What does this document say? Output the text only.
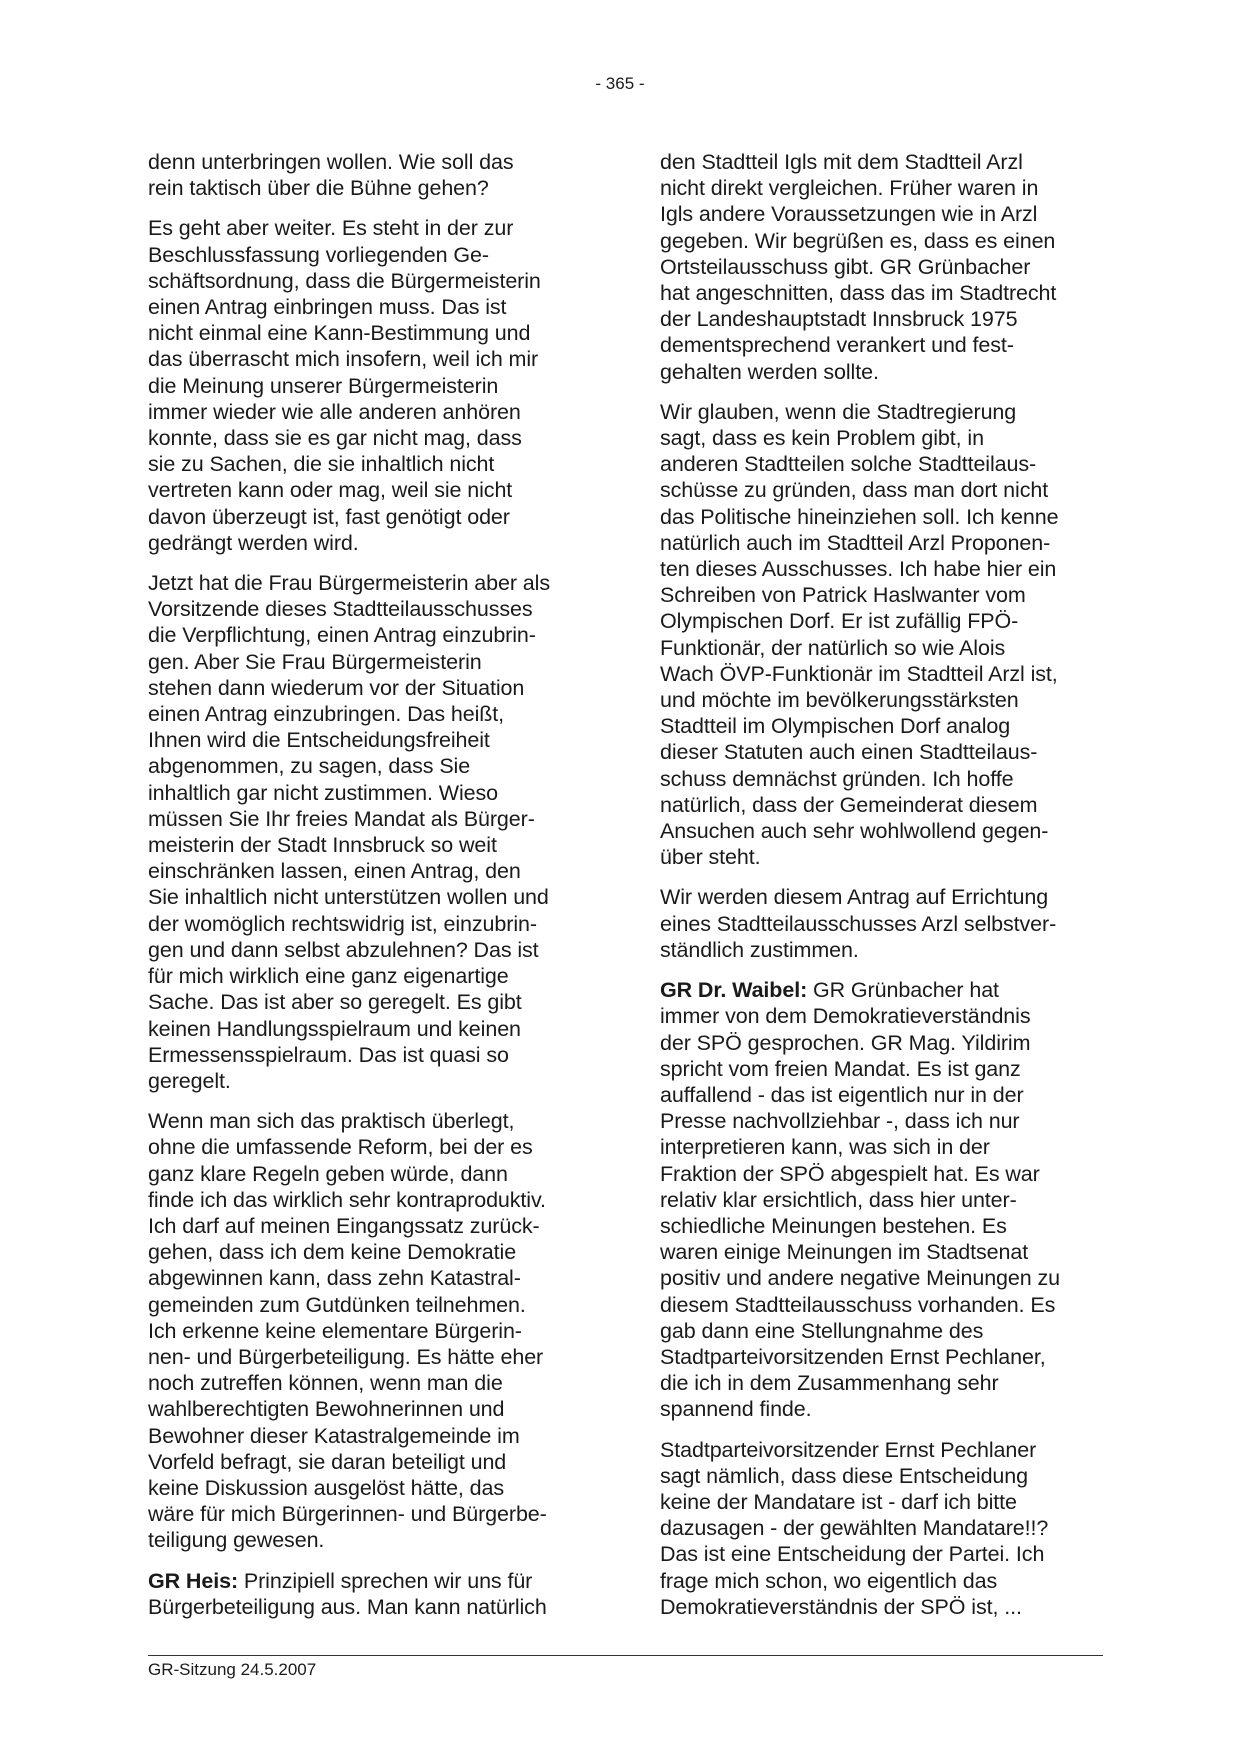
- 365 -

denn unterbringen wollen. Wie soll das
rein taktisch über die Bühne gehen?

Es geht aber weiter. Es steht in der zur
Beschlussfassung vorliegenden Ge-
schäftsordnung, dass die Bürgermeisterin
einen Antrag einbringen muss. Das ist
nicht einmal eine Kann-Bestimmung und
das überrascht mich insofern, weil ich mir
die Meinung unserer Bürgermeisterin
immer wieder wie alle anderen anhören
konnte, dass sie es gar nicht mag, dass
sie zu Sachen, die sie inhaltlich nicht
vertreten kann oder mag, weil sie nicht
davon überzeugt ist, fast genötigt oder
gedrängt werden wird.

Jetzt hat die Frau Bürgermeisterin aber als
Vorsitzende dieses Stadtteilausschusses
die Verpflichtung, einen Antrag einzubrin-
gen. Aber Sie Frau Bürgermeisterin
stehen dann wiederum vor der Situation
einen Antrag einzubringen. Das heißt,
Ihnen wird die Entscheidungsfreiheit
abgenommen, zu sagen, dass Sie
inhaltlich gar nicht zustimmen. Wieso
müssen Sie Ihr freies Mandat als Bürger-
meisterin der Stadt Innsbruck so weit
einschränken lassen, einen Antrag, den
Sie inhaltlich nicht unterstützen wollen und
der womöglich rechtswidrig ist, einzubrin-
gen und dann selbst abzulehnen? Das ist
für mich wirklich eine ganz eigenartige
Sache. Das ist aber so geregelt. Es gibt
keinen Handlungsspielraum und keinen
Ermessensspielraum. Das ist quasi so
geregelt.

Wenn man sich das praktisch überlegt,
ohne die umfassende Reform, bei der es
ganz klare Regeln geben würde, dann
finde ich das wirklich sehr kontraproduktiv.
Ich darf auf meinen Eingangssatz zurück-
gehen, dass ich dem keine Demokratie
abgewinnen kann, dass zehn Katastral-
gemeinden zum Gutdünken teilnehmen.
Ich erkenne keine elementare Bürgerin-
nen- und Bürgerbeteiligung. Es hätte eher
noch zutreffen können, wenn man die
wahlberechtigten Bewohnerinnen und
Bewohner dieser Katastralgemeinde im
Vorfeld befragt, sie daran beteiligt und
keine Diskussion ausgelöst hätte, das
wäre für mich Bürgerinnen- und Bürgerbe-
teiligung gewesen.

GR Heis: Prinzipiell sprechen wir uns für
Bürgerbeteiligung aus. Man kann natürlich

den Stadtteil Igls mit dem Stadtteil Arzl
nicht direkt vergleichen. Früher waren in
Igls andere Voraussetzungen wie in Arzl
gegeben. Wir begrüßen es, dass es einen
Ortsteilausschuss gibt. GR Grünbacher
hat angeschnitten, dass das im Stadtrecht
der Landeshauptstadt Innsbruck 1975
dementsprechend verankert und fest-
gehalten werden sollte.

Wir glauben, wenn die Stadtregierung
sagt, dass es kein Problem gibt, in
anderen Stadtteilen solche Stadtteilaus-
schüsse zu gründen, dass man dort nicht
das Politische hineinziehen soll. Ich kenne
natürlich auch im Stadtteil Arzl Proponen-
ten dieses Ausschusses. Ich habe hier ein
Schreiben von Patrick Haslwanter vom
Olympischen Dorf. Er ist zufällig FPÖ-
Funktionär, der natürlich so wie Alois
Wach ÖVP-Funktionär im Stadtteil Arzl ist,
und möchte im bevölkerungsstärksten
Stadtteil im Olympischen Dorf analog
dieser Statuten auch einen Stadtteilaus-
schuss demnächst gründen. Ich hoffe
natürlich, dass der Gemeinderat diesem
Ansuchen auch sehr wohlwollend gegen-
über steht.

Wir werden diesem Antrag auf Errichtung
eines Stadtteilausschusses Arzl selbstver-
ständlich zustimmen.

GR Dr. Waibel: GR Grünbacher hat
immer von dem Demokratieverständnis
der SPÖ gesprochen. GR Mag. Yildirim
spricht vom freien Mandat. Es ist ganz
auffallend - das ist eigentlich nur in der
Presse nachvollziehbar -, dass ich nur
interpretieren kann, was sich in der
Fraktion der SPÖ abgespielt hat. Es war
relativ klar ersichtlich, dass hier unter-
schiedliche Meinungen bestehen. Es
waren einige Meinungen im Stadtsenat
positiv und andere negative Meinungen zu
diesem Stadtteilausschuss vorhanden. Es
gab dann eine Stellungnahme des
Stadtparteivorsitzenden Ernst Pechlaner,
die ich in dem Zusammenhang sehr
spannend finde.

Stadtparteivorsitzender Ernst Pechlaner
sagt nämlich, dass diese Entscheidung
keine der Mandatare ist - darf ich bitte
dazusagen - der gewählten Mandatare!!?
Das ist eine Entscheidung der Partei. Ich
frage mich schon, wo eigentlich das
Demokratieverständnis der SPÖ ist, ...

GR-Sitzung 24.5.2007
